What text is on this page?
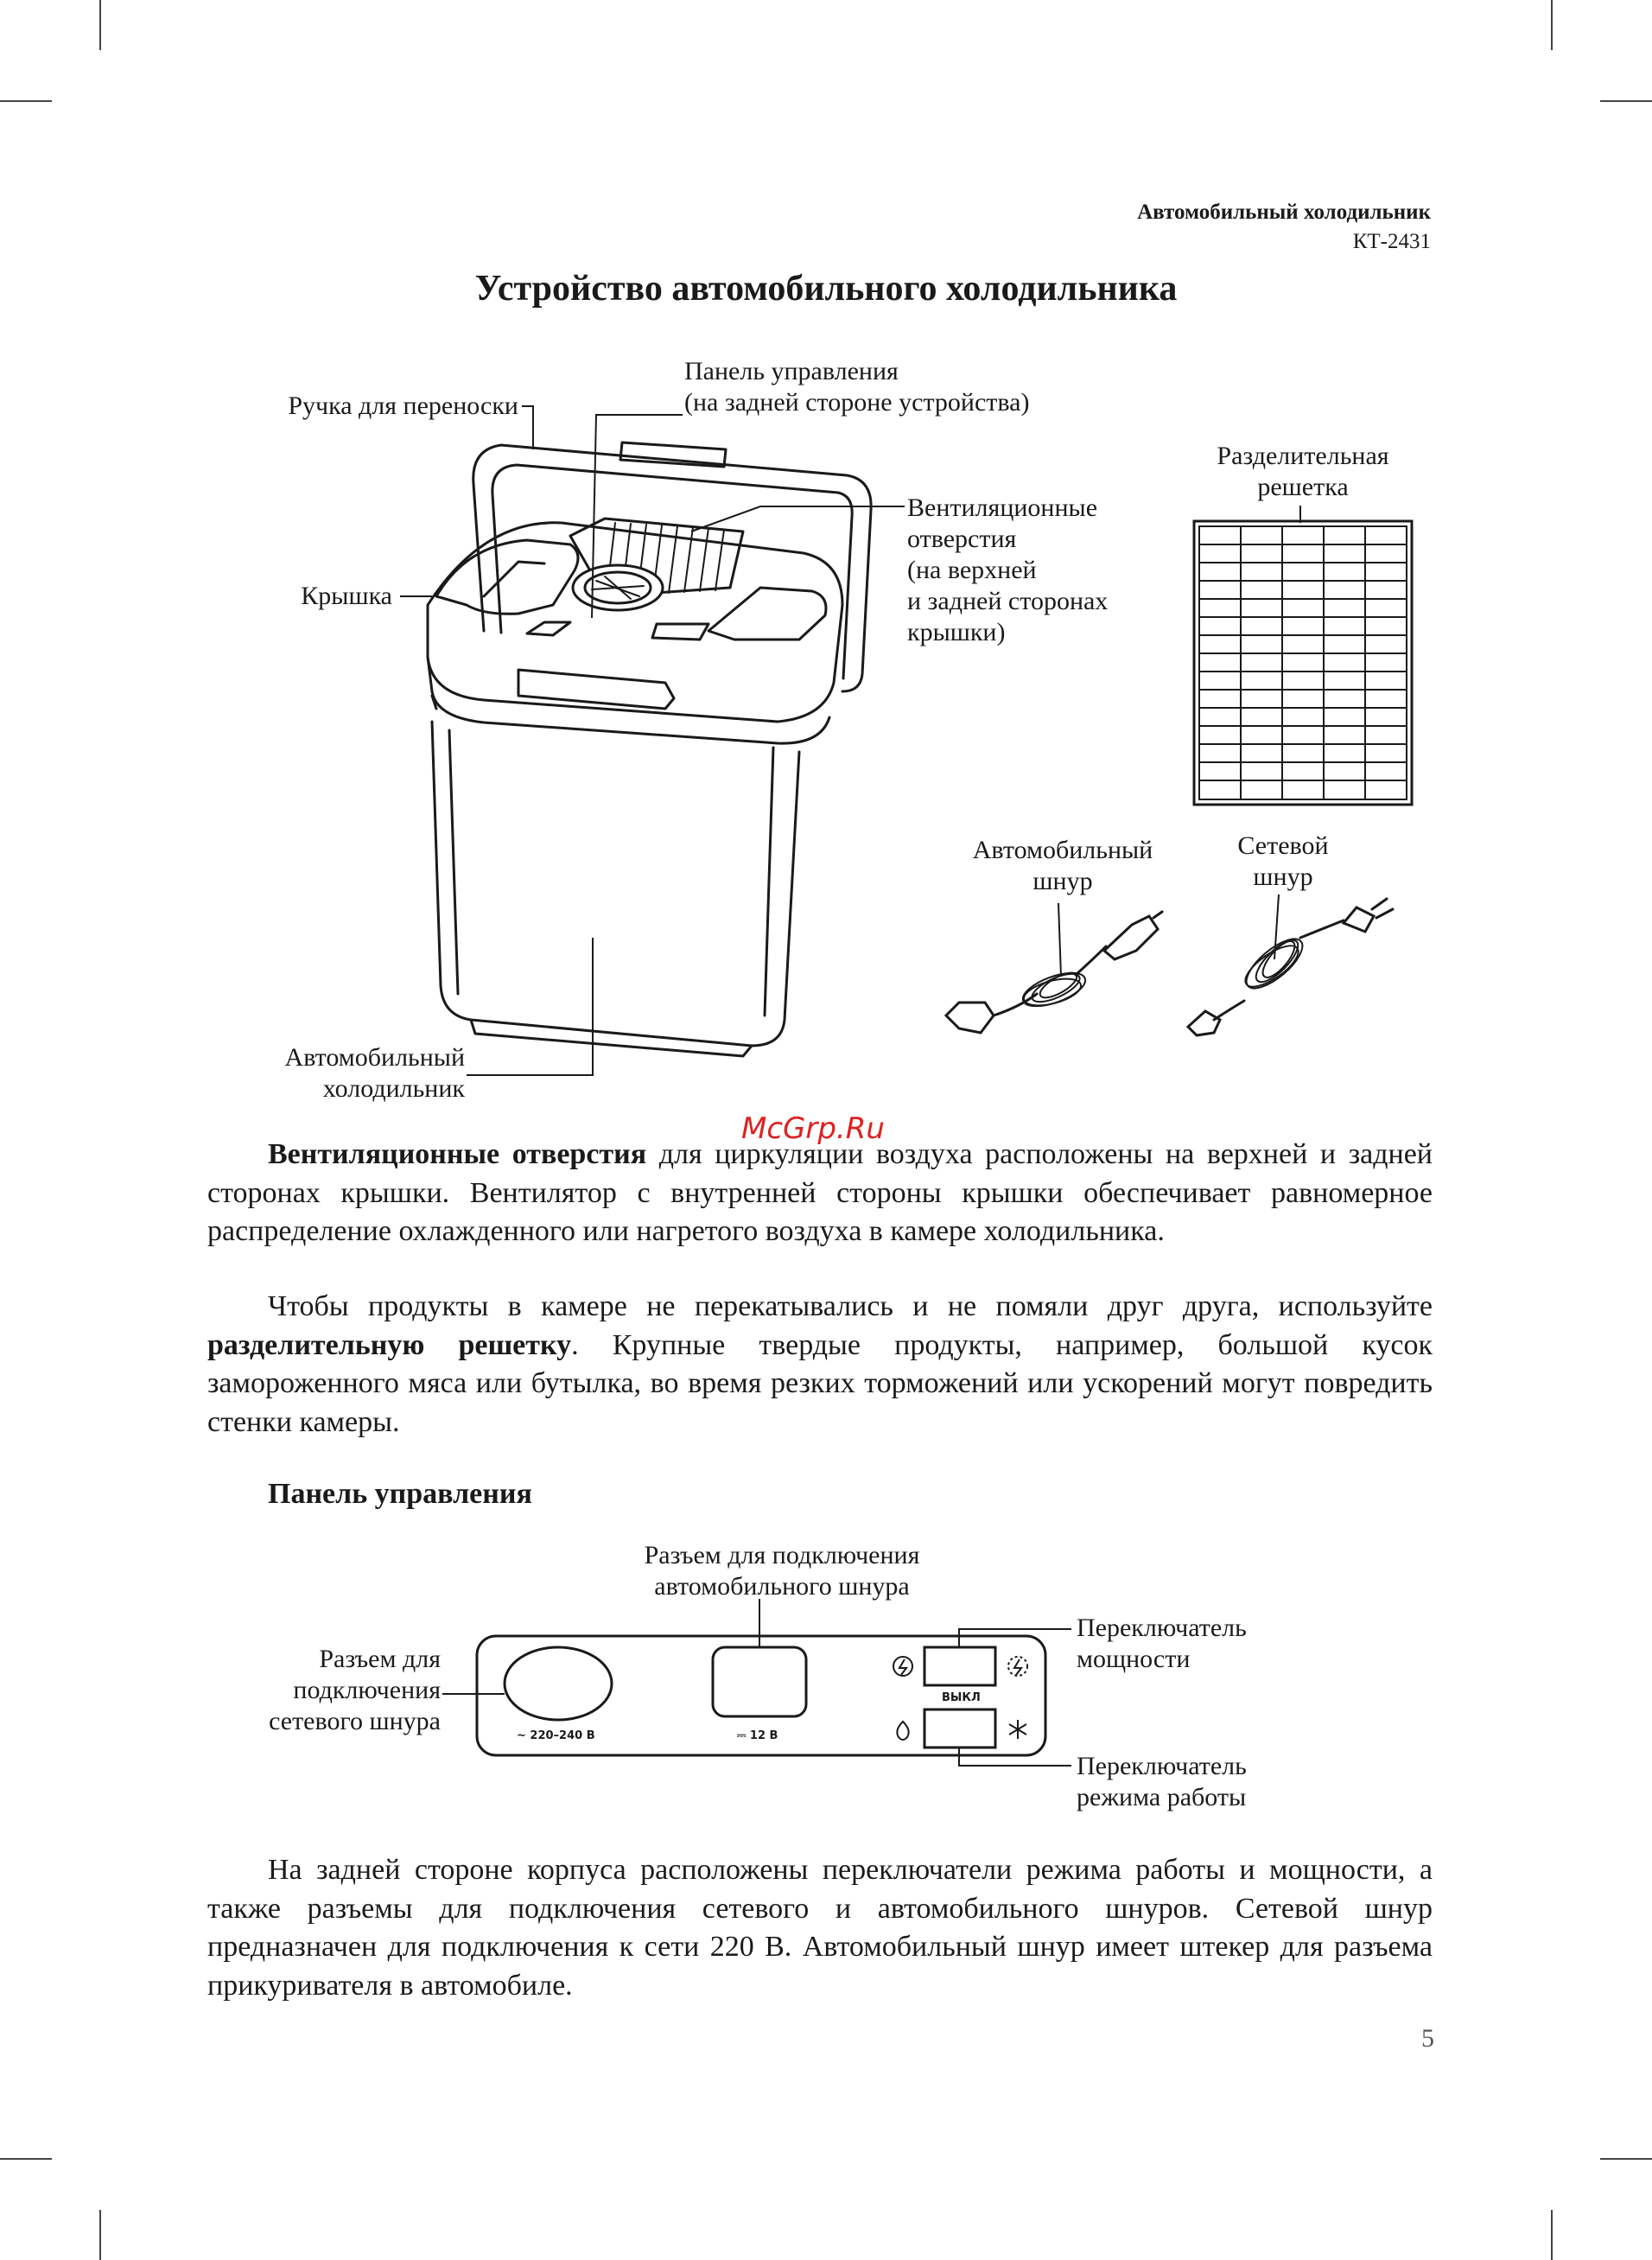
Автомобильный холодильник
КТ-2431
Устройство автомобильного холодильника
Ручка для переноски
Панель управления
(на задней стороне устройства)
Вентиляционные
отверстия
(на верхней
и задней сторонах
крышки)
Крышка
Разделительная
решетка
Автомобильный
шнур
Сетевой
шнур
Автомобильный
холодильник
McGrp.Ru

Вентиляционные отверстия для циркуляции воздуха расположены на верхней и задней сторонах крышки. Вентилятор с внутренней стороны крышки обеспечивает равномерное распределение охлажденного или нагретого воздуха в камере холодильника.

Чтобы продукты в камере не перекатывались и не помяли друг друга, используйте разделительную решетку. Крупные твердые продукты, например, большой кусок замороженного мяса или бутылка, во время резких торможений или ускорений могут повредить стенки камеры.

Панель управления
~ 220–240 В	⎓ 12 В
ВЫКЛ
Разъем для подключения
автомобильного шнура
Разъем для
подключения
сетевого шнура
Переключатель
мощности
Переключатель
режима работы

На задней стороне корпуса расположены переключатели режима работы и мощности, а также разъемы для подключения сетевого и автомобильного шнуров. Сетевой шнур предназначен для подключения к сети 220 В. Автомобильный шнур имеет штекер для разъема прикуривателя в автомобиле.

5
